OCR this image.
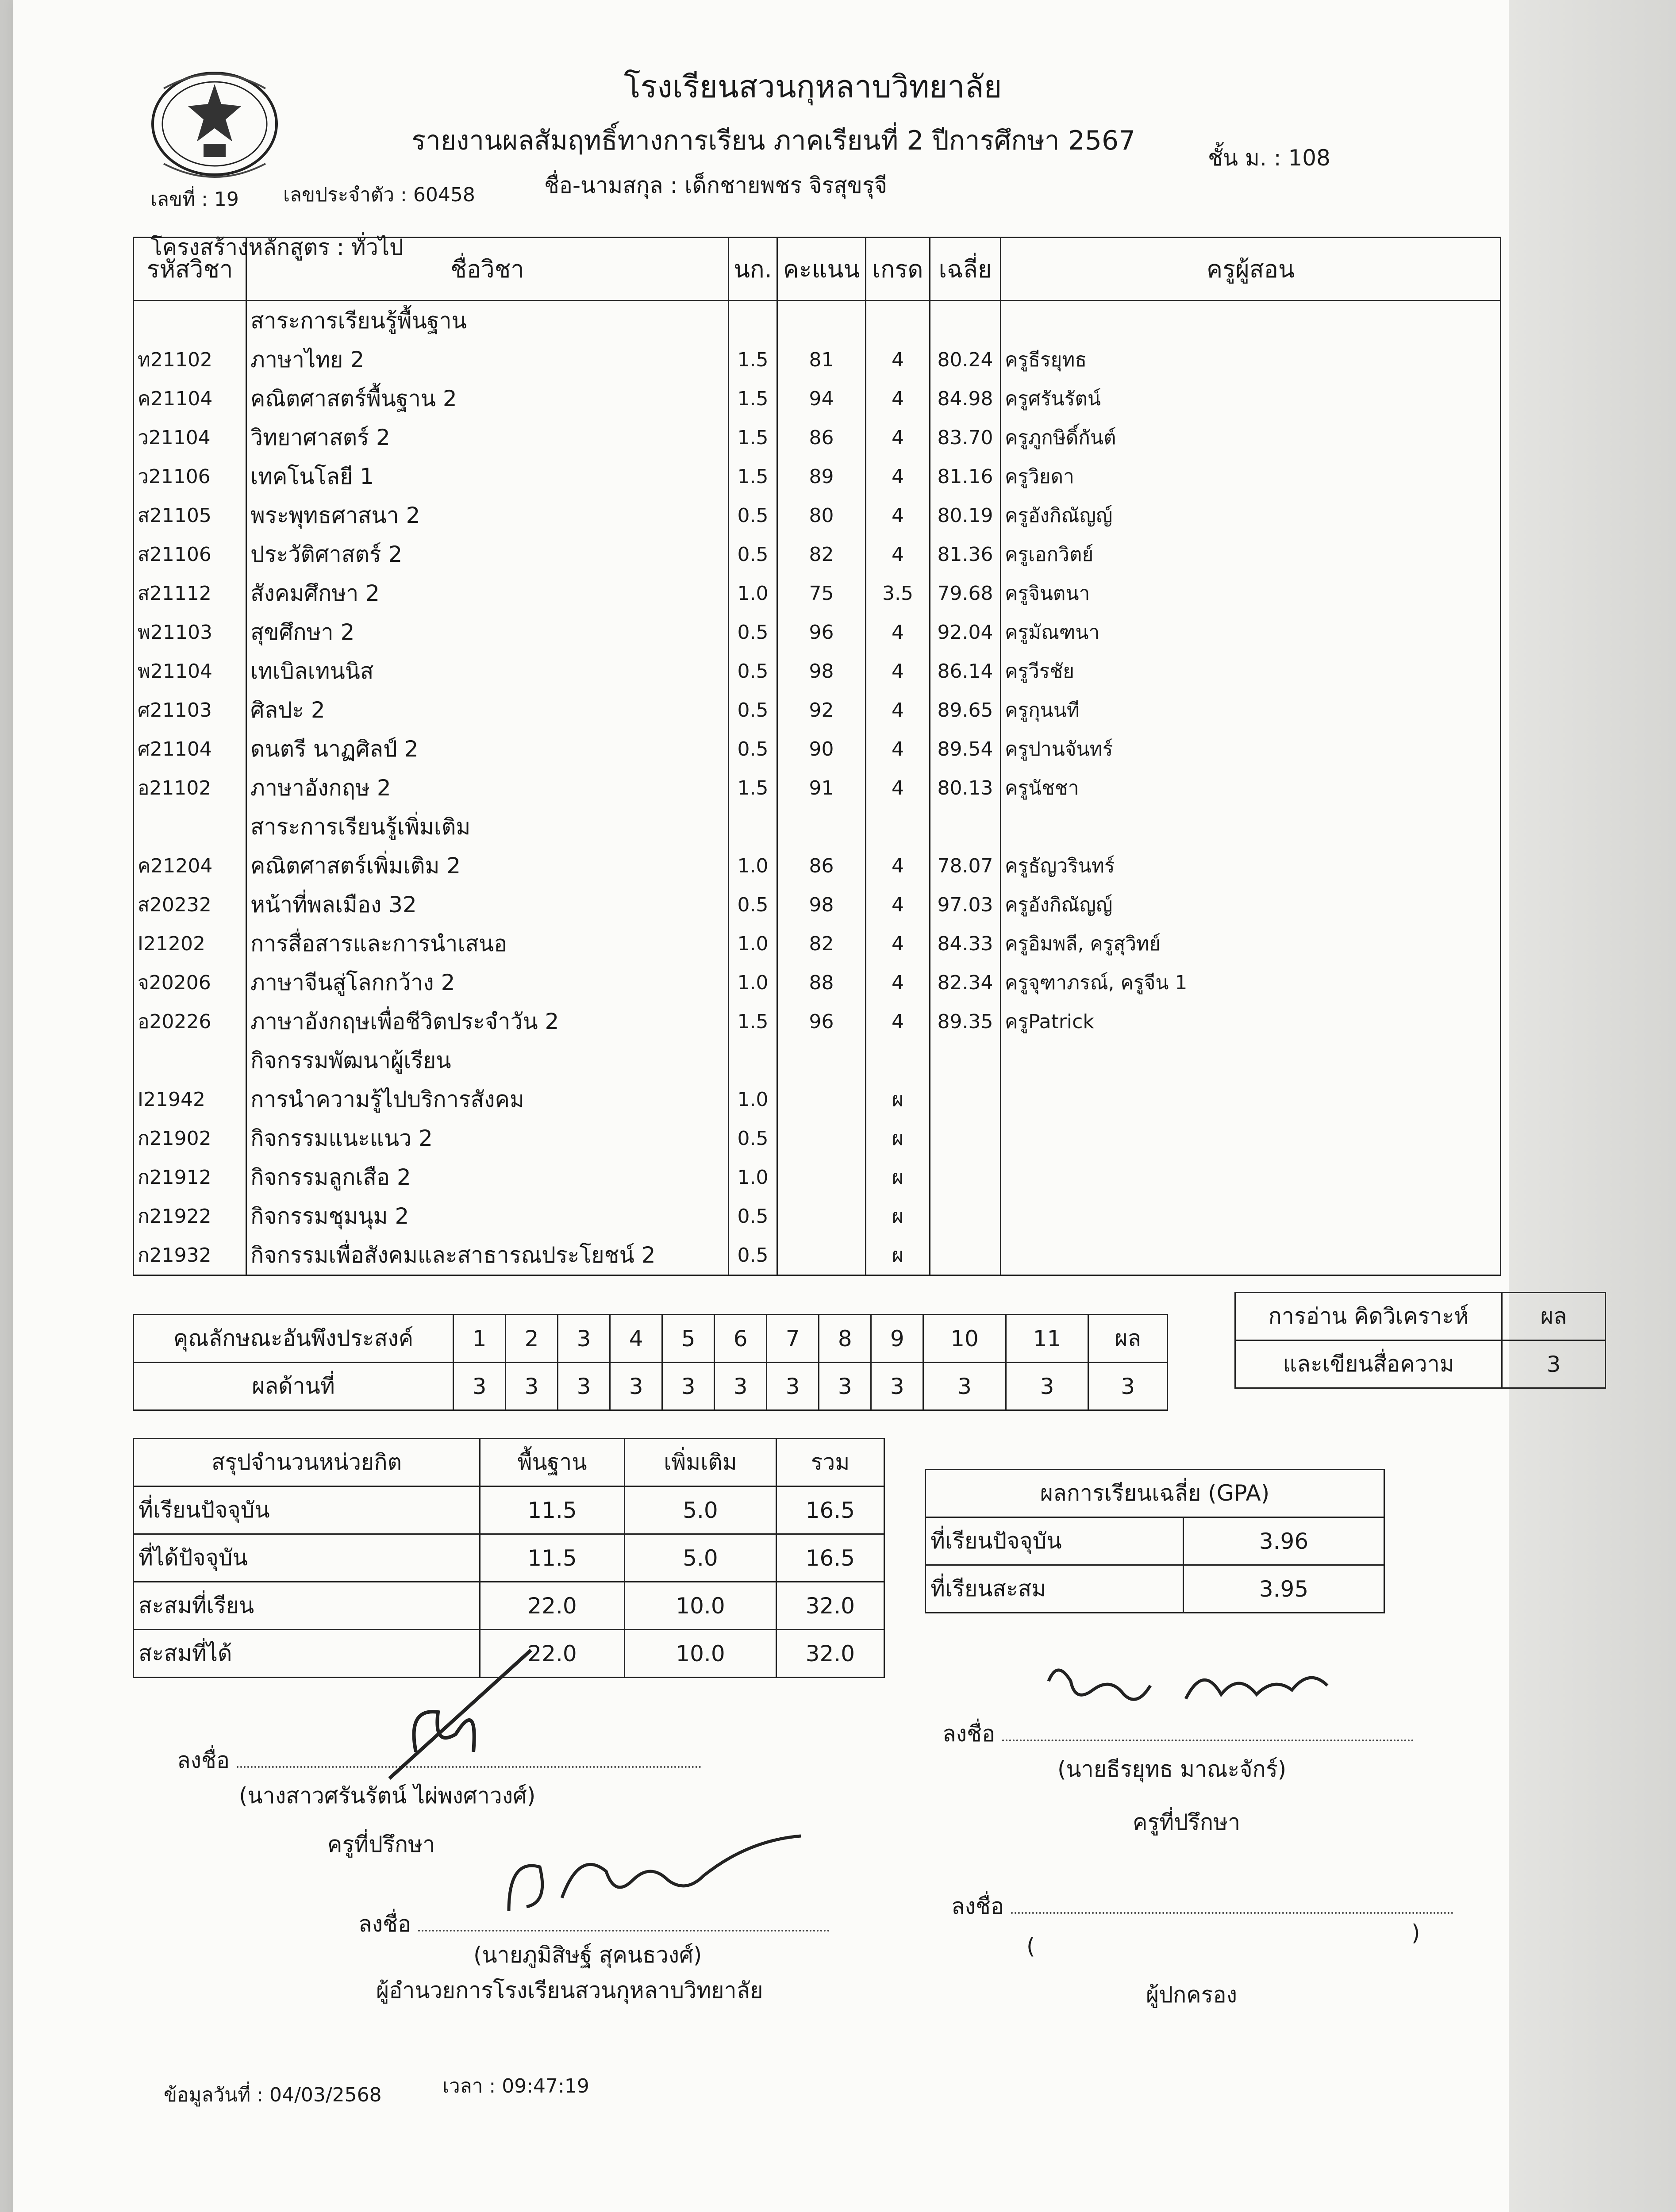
โรงเรียนสวนกุหลาบวิทยาลัย
รายงานผลสัมฤทธิ์ทางการเรียน ภาคเรียนที่ 2 ปีการศึกษา 2567
ชั้น ม. : 108
เลขที่ : 19 เลขประจำตัว : 60458	ชื่อ-นามสกุล : เด็กชายพชร จิรสุขรุจี
โครงสร้างหลักสูตร : ทั่วไป
รหัสวิชา	ชื่อวิชา	นก.	คะแนน	เกรด	เฉลี่ย	ครูผู้สอน
	สาระการเรียนรู้พื้นฐาน					
ท21102	ภาษาไทย 2	1.5	81	4	80.24	ครูธีรยุทธ
ค21104	คณิตศาสตร์พื้นฐาน 2	1.5	94	4	84.98	ครูศรันรัตน์
ว21104	วิทยาศาสตร์ 2	1.5	86	4	83.70	ครูภูกษิดิ์กันต์
ว21106	เทคโนโลยี 1	1.5	89	4	81.16	ครูวิยดา
ส21105	พระพุทธศาสนา 2	0.5	80	4	80.19	ครูอังกิณัญญ์
ส21106	ประวัติศาสตร์ 2	0.5	82	4	81.36	ครูเอกวิตย์
ส21112	สังคมศึกษา 2	1.0	75	3.5	79.68	ครูจินตนา
พ21103	สุขศึกษา 2	0.5	96	4	92.04	ครูมัณฑนา
พ21104	เทเบิลเทนนิส	0.5	98	4	86.14	ครูวีรชัย
ศ21103	ศิลปะ 2	0.5	92	4	89.65	ครูกุนนที
ศ21104	ดนตรี นาฏศิลป์ 2	0.5	90	4	89.54	ครูปานจันทร์
อ21102	ภาษาอังกฤษ 2	1.5	91	4	80.13	ครูนัชชา
	สาระการเรียนรู้เพิ่มเติม					
ค21204	คณิตศาสตร์เพิ่มเติม 2	1.0	86	4	78.07	ครูธัญวรินทร์
ส20232	หน้าที่พลเมือง 32	0.5	98	4	97.03	ครูอังกิณัญญ์
I21202	การสื่อสารและการนำเสนอ	1.0	82	4	84.33	ครูอิมพลี, ครูสุวิทย์
จ20206	ภาษาจีนสู่โลกกว้าง 2	1.0	88	4	82.34	ครูจุฑาภรณ์, ครูจีน 1
อ20226	ภาษาอังกฤษเพื่อชีวิตประจำวัน 2	1.5	96	4	89.35	ครูPatrick
	กิจกรรมพัฒนาผู้เรียน					
I21942	การนำความรู้ไปบริการสังคม	1.0		ผ		
ก21902	กิจกรรมแนะแนว 2	0.5		ผ		
ก21912	กิจกรรมลูกเสือ 2	1.0		ผ		
ก21922	กิจกรรมชุมนุม 2	0.5		ผ		
ก21932	กิจกรรมเพื่อสังคมและสาธารณประโยชน์ 2	0.5		ผ		
คุณลักษณะอันพึงประสงค์	1	2	3	4	5	6	7	8	9	10	11	ผล
ผลด้านที่	3	3	3	3	3	3	3	3	3	3	3	3
การอ่าน คิดวิเคราะห์	ผล
และเขียนสื่อความ	3
สรุปจำนวนหน่วยกิต	พื้นฐาน	เพิ่มเติม	รวม
ที่เรียนปัจจุบัน	11.5	5.0	16.5
ที่ได้ปัจจุบัน	11.5	5.0	16.5
สะสมที่เรียน	22.0	10.0	32.0
สะสมที่ได้	22.0	10.0	32.0
ผลการเรียนเฉลี่ย (GPA)	
ที่เรียนปัจจุบัน	3.96
ที่เรียนสะสม	3.95
ลงชื่อ
(นางสาวศรันรัตน์ ไผ่พงศาวงศ์)
ครูที่ปรึกษา
ลงชื่อ
(นายธีรยุทธ มาณะจักร์)
ครูที่ปรึกษา
ลงชื่อ
(นายภูมิสิษฐ์ สุคนธวงศ์)
ผู้อำนวยการโรงเรียนสวนกุหลาบวิทยาลัย
ลงชื่อ
(
)
ผู้ปกครอง
ข้อมูลวันที่ : 04/03/2568	เวลา : 09:47:19
